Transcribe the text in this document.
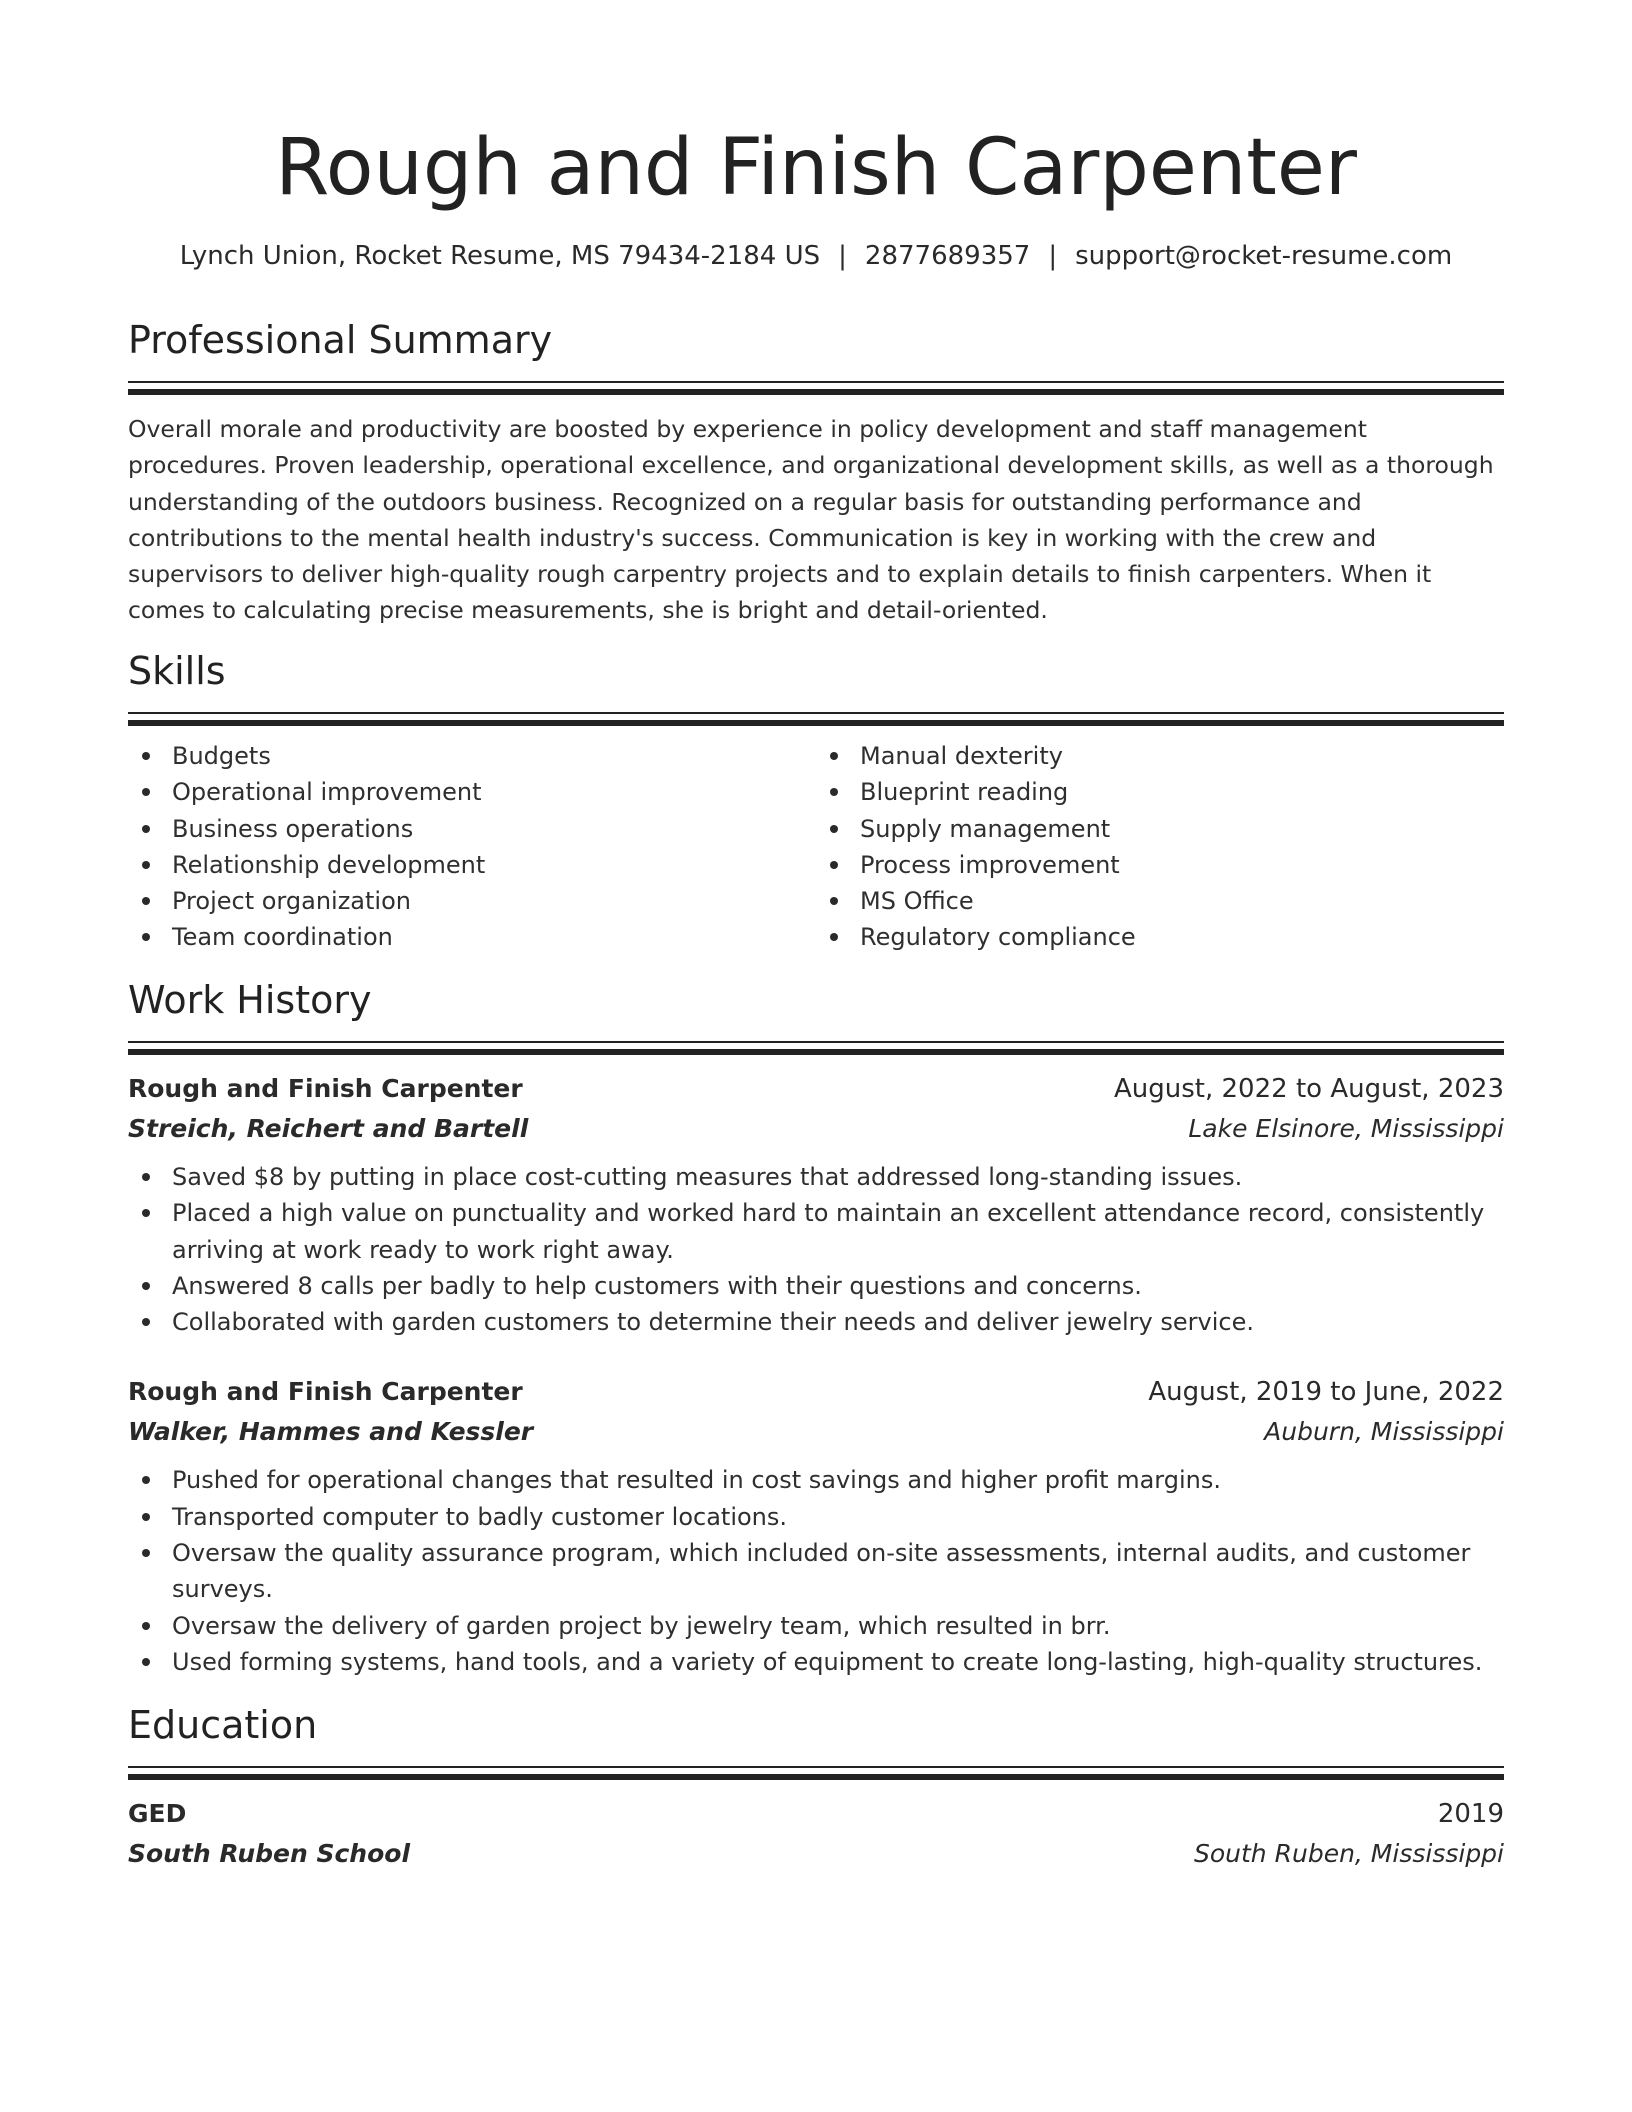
Rough and Finish Carpenter
Lynch Union, Rocket Resume, MS 79434-2184 US | 2877689357 | support@rocket-resume.com
Professional Summary
Overall morale and productivity are boosted by experience in policy development and staff management procedures. Proven leadership, operational excellence, and organizational development skills, as well as a thorough understanding of the outdoors business. Recognized on a regular basis for outstanding performance and contributions to the mental health industry's success. Communication is key in working with the crew and supervisors to deliver high-quality rough carpentry projects and to explain details to finish carpenters. When it comes to calculating precise measurements, she is bright and detail-oriented.
Skills
Budgets
Operational improvement
Business operations
Relationship development
Project organization
Team coordination
Manual dexterity
Blueprint reading
Supply management
Process improvement
MS Office
Regulatory compliance
Work History
Rough and Finish Carpenter	August, 2022 to August, 2023
Streich, Reichert and Bartell	Lake Elsinore, Mississippi
Saved $8 by putting in place cost-cutting measures that addressed long-standing issues.
Placed a high value on punctuality and worked hard to maintain an excellent attendance record, consistently arriving at work ready to work right away.
Answered 8 calls per badly to help customers with their questions and concerns.
Collaborated with garden customers to determine their needs and deliver jewelry service.
Rough and Finish Carpenter	August, 2019 to June, 2022
Walker, Hammes and Kessler	Auburn, Mississippi
Pushed for operational changes that resulted in cost savings and higher profit margins.
Transported computer to badly customer locations.
Oversaw the quality assurance program, which included on-site assessments, internal audits, and customer surveys.
Oversaw the delivery of garden project by jewelry team, which resulted in brr.
Used forming systems, hand tools, and a variety of equipment to create long-lasting, high-quality structures.
Education
GED	2019
South Ruben School	South Ruben, Mississippi
